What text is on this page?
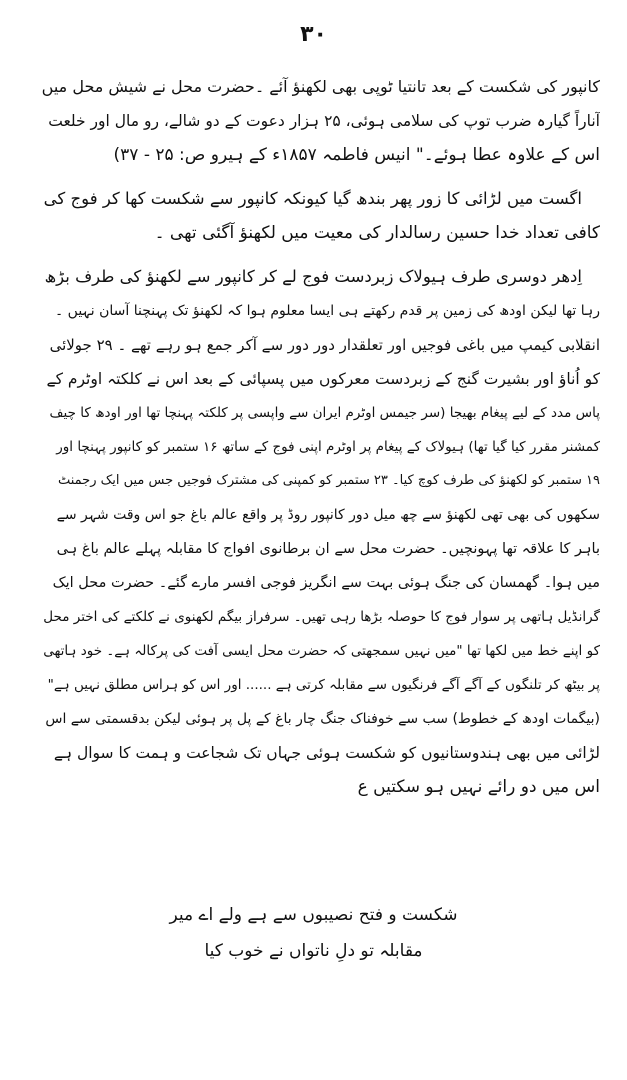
۳۰
کانپور کی شکست کے بعد تانتیا ٹوپی بھی لکھنؤ آئے ۔حضرت محل نے شیش محل میں
آناراً گیارہ ضرب توپ کی سلامی ہوئی، ۲۵ ہزار دعوت کے دو شالے، رو مال اور خلعت
اس کے علاوہ عطا ہوئے۔" انیس فاطمہ ۱۸۵۷ء کے ہیرو ص: ۲۵ - ۳۷)
اگست میں لڑائی کا زور پھر بندھ گیا کیونکہ کانپور سے شکست کھا کر فوج کی
کافی تعداد خدا حسین رسالدار کی معیت میں لکھنؤ آگئی تھی ۔
اِدھر دوسری طرف ہیولاک زبردست فوج لے کر کانپور سے لکھنؤ کی طرف بڑھ
رہا تھا لیکن اودھ کی زمین پر قدم رکھتے ہی ایسا معلوم ہوا کہ لکھنؤ تک پہنچنا آسان نہیں ۔
انقلابی کیمپ میں باغی فوجیں اور تعلقدار دور دور سے آکر جمع ہو رہے تھے ۔ ۲۹ جولائی
کو اُناؤ اور بشیرت گنج کے زبردست معرکوں میں پسپائی کے بعد اس نے کلکتہ اوٹرم کے
پاس مدد کے لیے پیغام بھیجا (سر جیمس اوٹرم ایران سے واپسی پر کلکتہ پہنچا تھا اور اودھ کا چیف
کمشنر مقرر کیا گیا تھا) ہیولاک کے پیغام پر اوٹرم اپنی فوج کے ساتھ ۱۶ ستمبر کو کانپور پہنچا اور
۱۹ ستمبر کو لکھنؤ کی طرف کوچ کیا۔ ۲۳ ستمبر کو کمپنی کی مشترک فوجیں جس میں ایک رجمنٹ
سکھوں کی بھی تھی لکھنؤ سے چھ میل دور کانپور روڈ پر واقع عالم باغ جو اس وقت شہر سے
باہر کا علاقہ تھا پہونچیں۔ حضرت محل سے ان برطانوی افواج کا مقابلہ پہلے عالم باغ ہی
میں ہوا۔ گھمسان کی جنگ ہوئی بہت سے انگریز فوجی افسر مارے گئے۔ حضرت محل ایک
گرانڈیل ہاتھی پر سوار فوج کا حوصلہ بڑھا رہی تھیں۔ سرفراز بیگم لکھنوی نے کلکتے کی اختر محل
کو اپنے خط میں لکھا تھا "میں نہیں سمجھتی کہ حضرت محل ایسی آفت کی پرکالہ ہے۔ خود ہاتھی
پر بیٹھ کر تلنگوں کے آگے آگے فرنگیوں سے مقابلہ کرتی ہے ...... اور اس کو ہراس مطلق نہیں ہے"
(بیگمات اودھ کے خطوط) سب سے خوفناک جنگ چار باغ کے پل پر ہوئی لیکن بدقسمتی سے اس
لڑائی میں بھی ہندوستانیوں کو شکست ہوئی جہاں تک شجاعت و ہمت کا سوال ہے
اس میں دو رائے نہیں ہو سکتیں ع
شکست و فتح نصیبوں سے ہے ولے اے میر
مقابلہ تو دلِ ناتواں نے خوب کیا
